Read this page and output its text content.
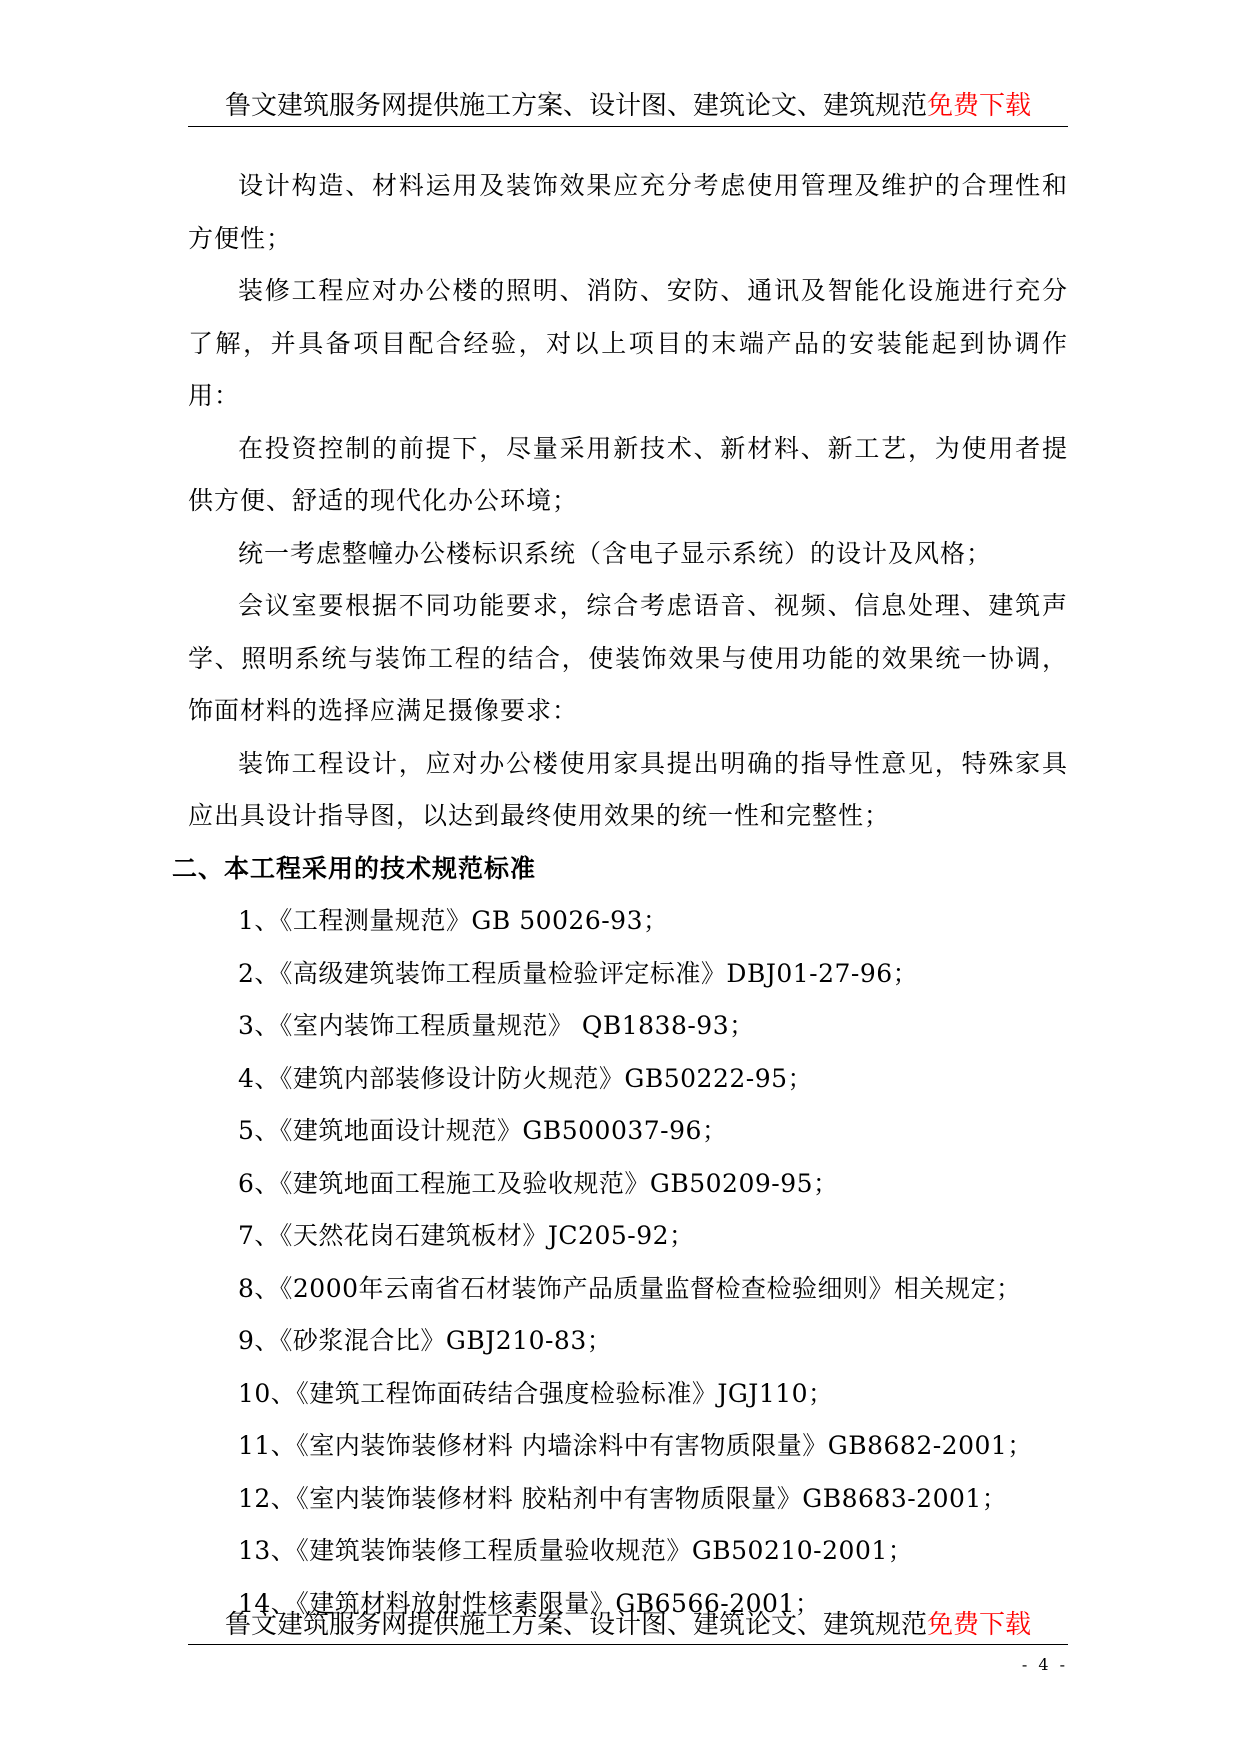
鲁文建筑服务网提供施工方案、设计图、建筑论文、建筑规范免费下载

设计构造、材料运用及装饰效果应充分考虑使用管理及维护的合理性和方便性；

装修工程应对办公楼的照明、消防、安防、通讯及智能化设施进行充分了解，并具备项目配合经验，对以上项目的末端产品的安装能起到协调作用：

在投资控制的前提下，尽量采用新技术、新材料、新工艺，为使用者提供方便、舒适的现代化办公环境；

统一考虑整幢办公楼标识系统（含电子显示系统）的设计及风格；

会议室要根据不同功能要求，综合考虑语音、视频、信息处理、建筑声学、照明系统与装饰工程的结合，使装饰效果与使用功能的效果统一协调，饰面材料的选择应满足摄像要求：

装饰工程设计，应对办公楼使用家具提出明确的指导性意见，特殊家具应出具设计指导图，以达到最终使用效果的统一性和完整性；

二、本工程采用的技术规范标准

1、《工程测量规范》GB 50026-93；

2、《高级建筑装饰工程质量检验评定标准》DBJ01-27-96；

3、《室内装饰工程质量规范》 QB1838-93；

4、《建筑内部装修设计防火规范》GB50222-95；

5、《建筑地面设计规范》GB500037-96；

6、《建筑地面工程施工及验收规范》GB50209-95；

7、《天然花岗石建筑板材》JC205-92；

8、《2000年云南省石材装饰产品质量监督检查检验细则》相关规定；

9、《砂浆混合比》GBJ210-83；

10、《建筑工程饰面砖结合强度检验标准》JGJ110；

11、《室内装饰装修材料 内墙涂料中有害物质限量》GB8682-2001；

12、《室内装饰装修材料 胶粘剂中有害物质限量》GB8683-2001；

13、《建筑装饰装修工程质量验收规范》GB50210-2001；

14、《建筑材料放射性核素限量》GB6566-2001；

鲁文建筑服务网提供施工方案、设计图、建筑论文、建筑规范免费下载
- 4 -
